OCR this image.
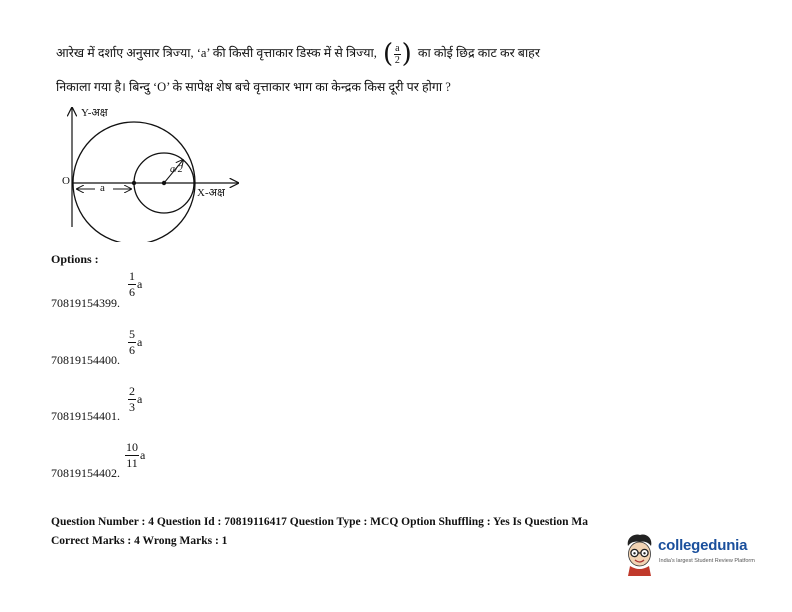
आरेख में दर्शाए अनुसार त्रिज्या, ‘a’ की किसी वृत्ताकार डिस्क में से त्रिज्या, ( $\frac{a}{2}$ ) का कोई छिद्र काट कर बाहर
निकाला गया है। बिन्दु ‘O’ के सापेक्ष शेष बचे वृत्ताकार भाग का केन्द्रक किस दूरी पर होगा ?
Y-अक्ष
X-अक्ष
O
a
a/2
Options :
1
6
a
70819154399.
5
6
a
70819154400.
2
3
a
70819154401.
10
11
a
70819154402.
Question Number : 4 Question Id : 70819116417 Question Type : MCQ Option Shuffling : Yes Is Question Ma
Correct Marks : 4 Wrong Marks : 1	collegedunia
India's largest Student Review Platform
